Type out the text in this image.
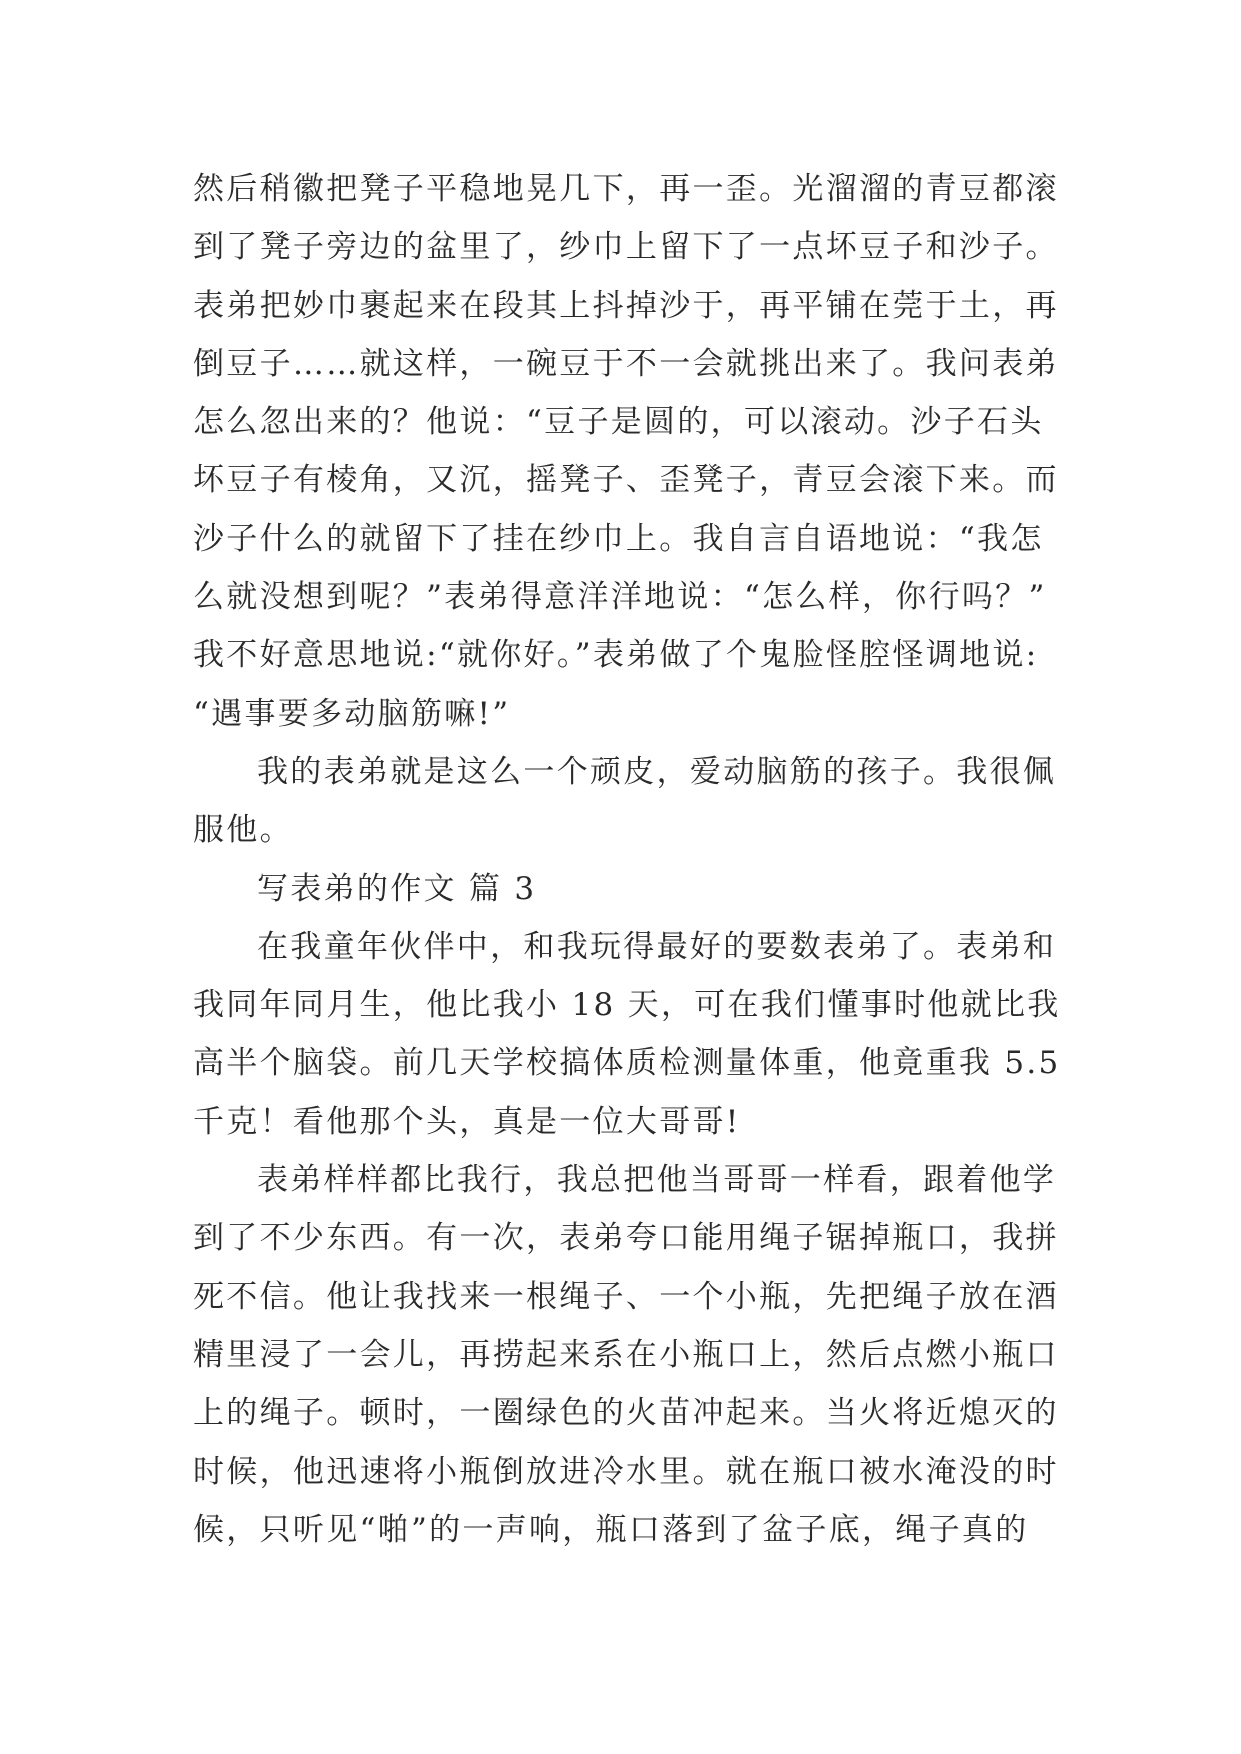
然后稍徽把凳子平稳地晃几下，再一歪。光溜溜的青豆都滚
到了凳子旁边的盆里了，纱巾上留下了一点坏豆子和沙子。
表弟把妙巾裹起来在段其上抖掉沙于，再平铺在莞于土，再
倒豆子……就这样，一碗豆于不一会就挑出来了。我问表弟
怎么忽出来的？他说：“豆子是圆的，可以滚动。沙子石头
坏豆子有棱角，又沉，摇凳子、歪凳子，青豆会滚下来。而
沙子什么的就留下了挂在纱巾上。我自言自语地说：“我怎
么就没想到呢？”表弟得意洋洋地说：“怎么样，你行吗？”
我不好意思地说:“就你好。”表弟做了个鬼脸怪腔怪调地说:
“遇事要多动脑筋嘛!”
我的表弟就是这么一个顽皮，爱动脑筋的孩子。我很佩
服他。
写表弟的作文 篇 3
在我童年伙伴中，和我玩得最好的要数表弟了。表弟和
我同年同月生，他比我小 18 天，可在我们懂事时他就比我
高半个脑袋。前几天学校搞体质检测量体重，他竟重我 5.5
千克！看他那个头，真是一位大哥哥!
表弟样样都比我行，我总把他当哥哥一样看，跟着他学
到了不少东西。有一次，表弟夸口能用绳子锯掉瓶口，我拼
死不信。他让我找来一根绳子、一个小瓶，先把绳子放在酒
精里浸了一会儿，再捞起来系在小瓶口上，然后点燃小瓶口
上的绳子。顿时，一圈绿色的火苗冲起来。当火将近熄灭的
时候，他迅速将小瓶倒放进冷水里。就在瓶口被水淹没的时
候，只听见“啪”的一声响，瓶口落到了盆子底，绳子真的
